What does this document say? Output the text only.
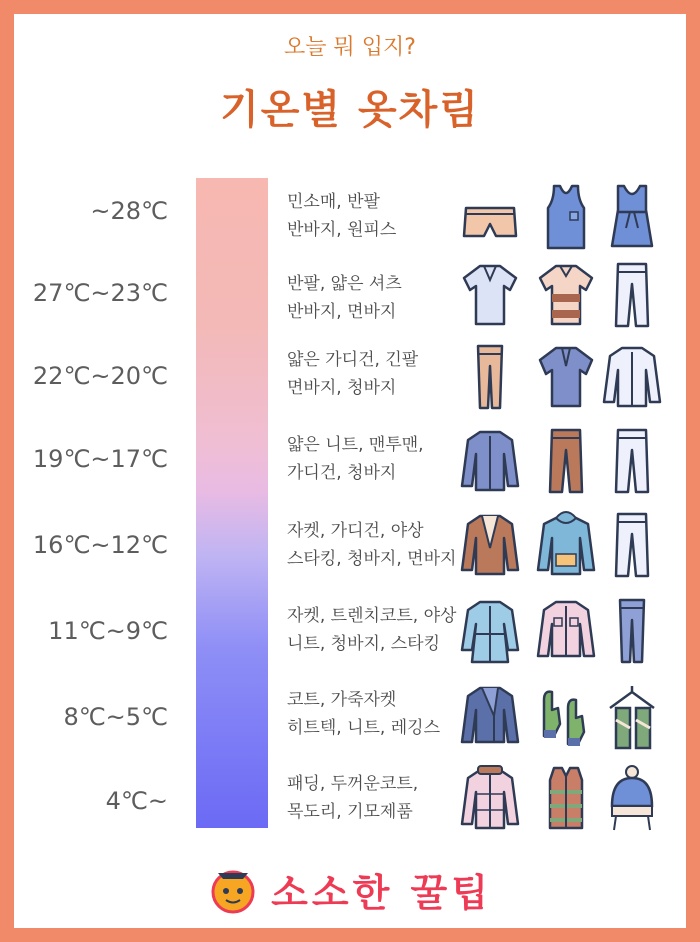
오늘 뭐 입지?
기온별 옷차림
~28℃
27℃~23℃
22℃~20℃
19℃~17℃
16℃~12℃
11℃~9℃
8℃~5℃
4℃~
민소매, 반팔
반바지, 원피스
반팔, 얇은 셔츠
반바지, 면바지
얇은 가디건, 긴팔
면바지, 청바지
얇은 니트, 맨투맨,
가디건, 청바지
자켓, 가디건, 야상
스타킹, 청바지, 면바지
자켓, 트렌치코트, 야상
니트, 청바지, 스타킹
코트, 가죽자켓
히트텍, 니트, 레깅스
패딩, 두꺼운코트,
목도리, 기모제품
소소한 꿀팁
